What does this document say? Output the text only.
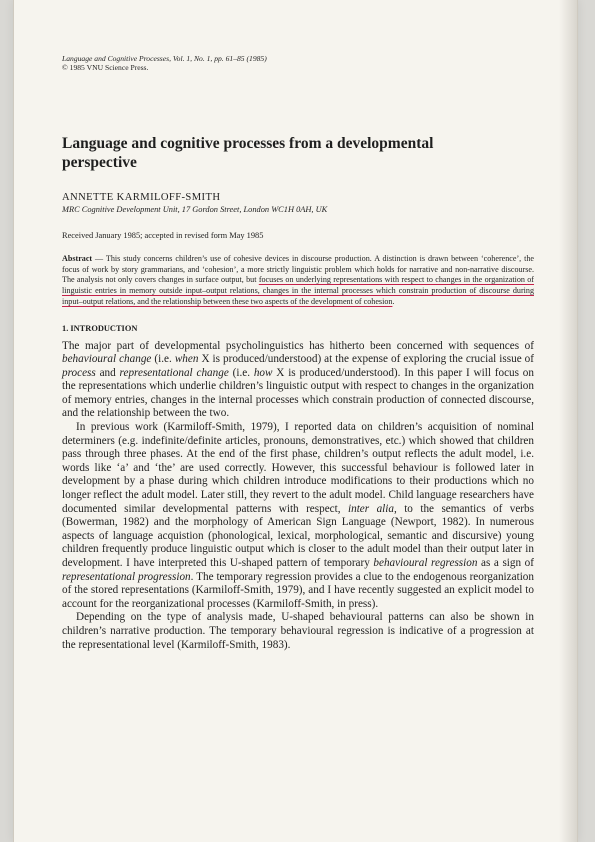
Language and Cognitive Processes, Vol. 1, No. 1, pp. 61–85 (1985)
© 1985 VNU Science Press.
Language and cognitive processes from a developmental perspective
ANNETTE KARMILOFF-SMITH
MRC Cognitive Development Unit, 17 Gordon Street, London WC1H 0AH, UK
Received January 1985; accepted in revised form May 1985
Abstract — This study concerns children’s use of cohesive devices in discourse production. A distinction is drawn between ‘coherence’, the focus of work by story grammarians, and ‘cohesion’, a more strictly linguistic problem which holds for narrative and non-narrative discourse. The analysis not only covers changes in surface output, but focuses on underlying representations with respect to changes in the organization of linguistic entries in memory outside input–output relations, changes in the internal processes which constrain production of discourse during input–output relations, and the relationship between these two aspects of the development of cohesion.
1. INTRODUCTION

The major part of developmental psycholinguistics has hitherto been concerned with sequences of behavioural change (i.e. when X is produced/understood) at the expense of exploring the crucial issue of process and representational change (i.e. how X is produced/understood). In this paper I will focus on the representations which underlie children’s linguistic output with respect to changes in the organization of memory entries, changes in the internal processes which constrain production of connected discourse, and the relationship between the two.

In previous work (Karmiloff-Smith, 1979), I reported data on children’s acquisition of nominal determiners (e.g. indefinite/definite articles, pronouns, demonstratives, etc.) which showed that children pass through three phases. At the end of the first phase, children’s output reflects the adult model, i.e. words like ‘a’ and ‘the’ are used correctly. However, this successful behaviour is followed later in development by a phase during which children introduce modifications to their productions which no longer reflect the adult model. Later still, they revert to the adult model. Child language researchers have documented similar developmental patterns with respect, inter alia, to the semantics of verbs (Bowerman, 1982) and the morphology of American Sign Language (Newport, 1982). In numerous aspects of language acquistion (phonological, lexical, morphological, semantic and discursive) young children frequently produce linguistic output which is closer to the adult model than their output later in development. I have interpreted this U-shaped pattern of temporary behavioural regression as a sign of representational progression. The temporary regression provides a clue to the endogenous reorganization of the stored representations (Karmiloff-Smith, 1979), and I have recently suggested an explicit model to account for the reorganizational processes (Karmiloff-Smith, in press).

Depending on the type of analysis made, U-shaped behavioural patterns can also be shown in children’s narrative production. The temporary behavioural regression is indicative of a progression at the representational level (Karmiloff-Smith, 1983).
